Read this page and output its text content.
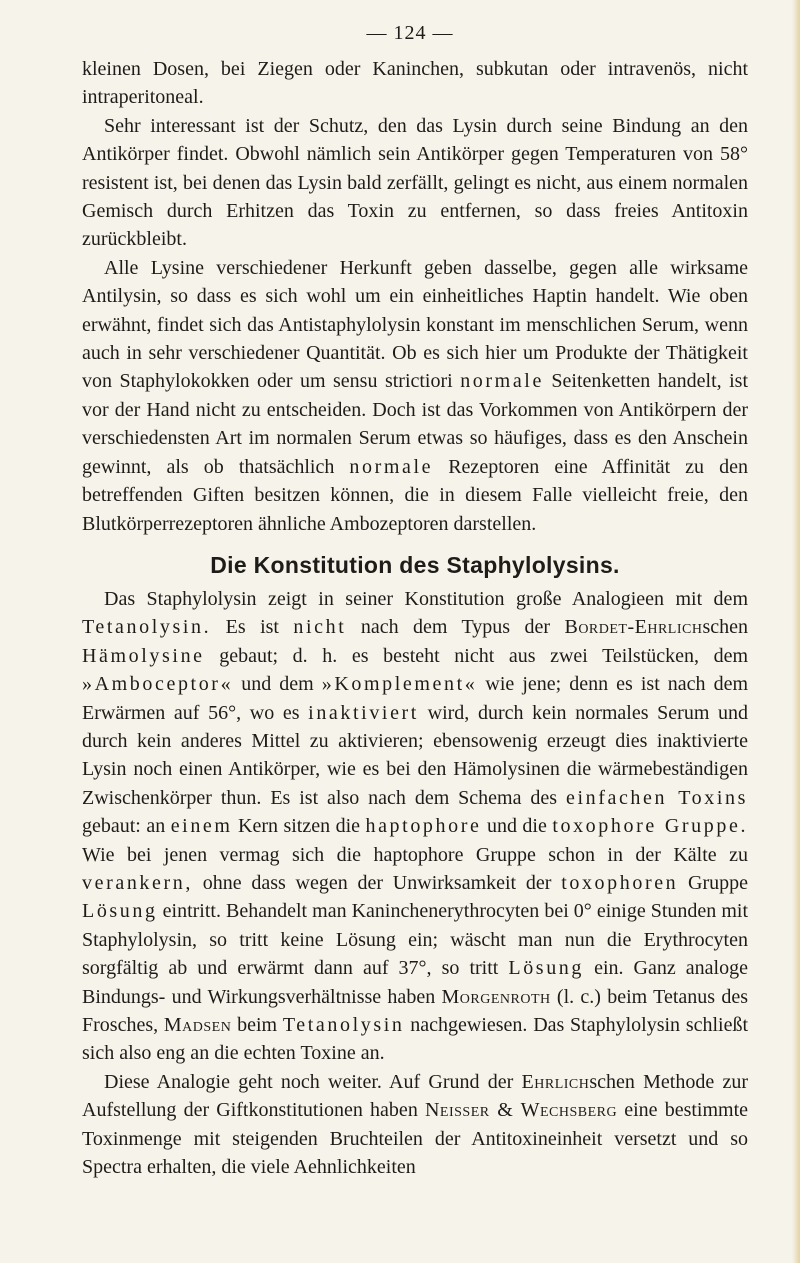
— 124 —

kleinen Dosen, bei Ziegen oder Kaninchen, subkutan oder intravenös, nicht intraperitoneal.

Sehr interessant ist der Schutz, den das Lysin durch seine Bindung an den Antikörper findet. Obwohl nämlich sein Antikörper gegen Temperaturen von 58° resistent ist, bei denen das Lysin bald zerfällt, gelingt es nicht, aus einem normalen Gemisch durch Erhitzen das Toxin zu entfernen, so dass freies Antitoxin zurückbleibt.

Alle Lysine verschiedener Herkunft geben dasselbe, gegen alle wirksame Antilysin, so dass es sich wohl um ein einheitliches Haptin handelt. Wie oben erwähnt, findet sich das Antistaphylolysin konstant im menschlichen Serum, wenn auch in sehr verschiedener Quantität. Ob es sich hier um Produkte der Thätigkeit von Staphylokokken oder um sensu strictiori normale Seitenketten handelt, ist vor der Hand nicht zu entscheiden. Doch ist das Vorkommen von Antikörpern der verschiedensten Art im normalen Serum etwas so häufiges, dass es den Anschein gewinnt, als ob thatsächlich normale Rezeptoren eine Affinität zu den betreffenden Giften besitzen können, die in diesem Falle vielleicht freie, den Blutkörperrezeptoren ähnliche Ambozeptoren darstellen.

Die Konstitution des Staphylolysins.

Das Staphylolysin zeigt in seiner Konstitution große Analogieen mit dem Tetanolysin. Es ist nicht nach dem Typus der Bordet-Ehrlichschen Hämolysine gebaut; d. h. es besteht nicht aus zwei Teilstücken, dem »Amboceptor« und dem »Komplement« wie jene; denn es ist nach dem Erwärmen auf 56°, wo es inaktiviert wird, durch kein normales Serum und durch kein anderes Mittel zu aktivieren; ebensowenig erzeugt dies inaktivierte Lysin noch einen Antikörper, wie es bei den Hämolysinen die wärmebeständigen Zwischenkörper thun. Es ist also nach dem Schema des einfachen Toxins gebaut: an einem Kern sitzen die haptophore und die toxophore Gruppe. Wie bei jenen vermag sich die haptophore Gruppe schon in der Kälte zu verankern, ohne dass wegen der Unwirksamkeit der toxophoren Gruppe Lösung eintritt. Behandelt man Kaninchenerythrocyten bei 0° einige Stunden mit Staphylolysin, so tritt keine Lösung ein; wäscht man nun die Erythrocyten sorgfältig ab und erwärmt dann auf 37°, so tritt Lösung ein. Ganz analoge Bindungs- und Wirkungsverhältnisse haben Morgenroth (l. c.) beim Tetanus des Frosches, Madsen beim Tetanolysin nachgewiesen. Das Staphylolysin schließt sich also eng an die echten Toxine an.

Diese Analogie geht noch weiter. Auf Grund der Ehrlichschen Methode zur Aufstellung der Giftkonstitutionen haben Neisser & Wechsberg eine bestimmte Toxinmenge mit steigenden Bruchteilen der Antitoxineinheit versetzt und so Spectra erhalten, die viele Aehnlichkeiten
